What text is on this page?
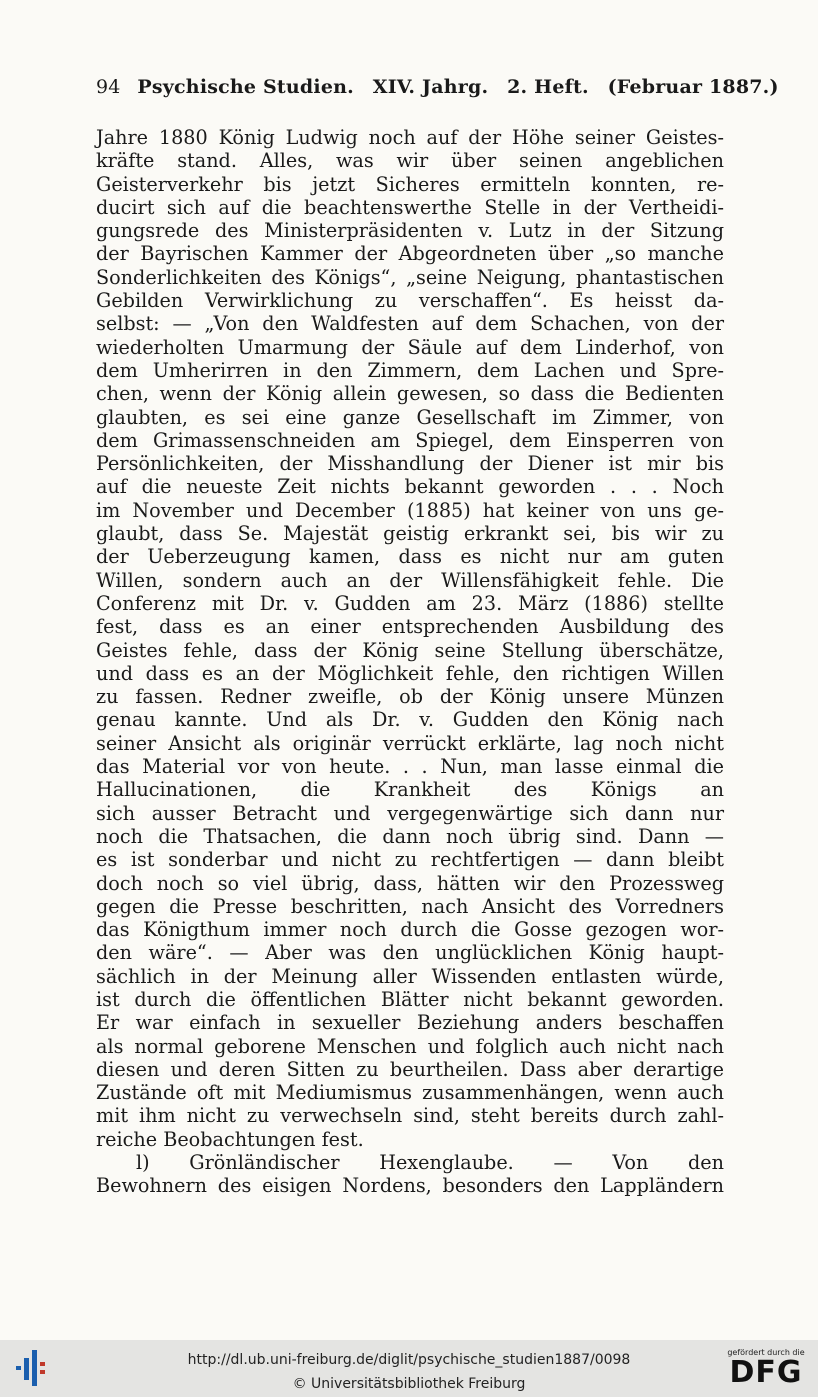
94 Psychische Studien. XIV. Jahrg. 2. Heft. (Februar 1887.)
Jahre 1880 König Ludwig noch auf der Höhe seiner Geistes-
kräfte stand. Alles, was wir über seinen angeblichen
Geisterverkehr bis jetzt Sicheres ermitteln konnten, re-
ducirt sich auf die beachtenswerthe Stelle in der Vertheidi-
gungsrede des Ministerpräsidenten v. Lutz in der Sitzung
der Bayrischen Kammer der Abgeordneten über „so manche
Sonderlichkeiten des Königs“, „seine Neigung, phantastischen
Gebilden Verwirklichung zu verschaffen“. Es heisst da-
selbst: — „Von den Waldfesten auf dem Schachen, von der
wiederholten Umarmung der Säule auf dem Linderhof, von
dem Umherirren in den Zimmern, dem Lachen und Spre-
chen, wenn der König allein gewesen, so dass die Bedienten
glaubten, es sei eine ganze Gesellschaft im Zimmer, von
dem Grimassenschneiden am Spiegel, dem Einsperren von
Persönlichkeiten, der Misshandlung der Diener ist mir bis
auf die neueste Zeit nichts bekannt geworden . . . Noch
im November und December (1885) hat keiner von uns ge-
glaubt, dass Se. Majestät geistig erkrankt sei, bis wir zu
der Ueberzeugung kamen, dass es nicht nur am guten
Willen, sondern auch an der Willensfähigkeit fehle. Die
Conferenz mit Dr. v. Gudden am 23. März (1886) stellte
fest, dass es an einer entsprechenden Ausbildung des
Geistes fehle, dass der König seine Stellung überschätze,
und dass es an der Möglichkeit fehle, den richtigen Willen
zu fassen. Redner zweifle, ob der König unsere Münzen
genau kannte. Und als Dr. v. Gudden den König nach
seiner Ansicht als originär verrückt erklärte, lag noch nicht
das Material vor von heute. . . Nun, man lasse einmal die
Hallucinationen, die Krankheit des Königs an
sich ausser Betracht und vergegenwärtige sich dann nur
noch die Thatsachen, die dann noch übrig sind. Dann —
es ist sonderbar und nicht zu rechtfertigen — dann bleibt
doch noch so viel übrig, dass, hätten wir den Prozessweg
gegen die Presse beschritten, nach Ansicht des Vorredners
das Königthum immer noch durch die Gosse gezogen wor-
den wäre“. — Aber was den unglücklichen König haupt-
sächlich in der Meinung aller Wissenden entlasten würde,
ist durch die öffentlichen Blätter nicht bekannt geworden.
Er war einfach in sexueller Beziehung anders beschaffen
als normal geborene Menschen und folglich auch nicht nach
diesen und deren Sitten zu beurtheilen. Dass aber derartige
Zustände oft mit Mediumismus zusammenhängen, wenn auch
mit ihm nicht zu verwechseln sind, steht bereits durch zahl-
reiche Beobachtungen fest.
l) Grönländischer Hexenglaube. — Von den
Bewohnern des eisigen Nordens, besonders den Lappländern
http://dl.ub.uni-freiburg.de/diglit/psychische_studien1887/0098
© Universitätsbibliothek Freiburg
gefördert durch die
DFG
